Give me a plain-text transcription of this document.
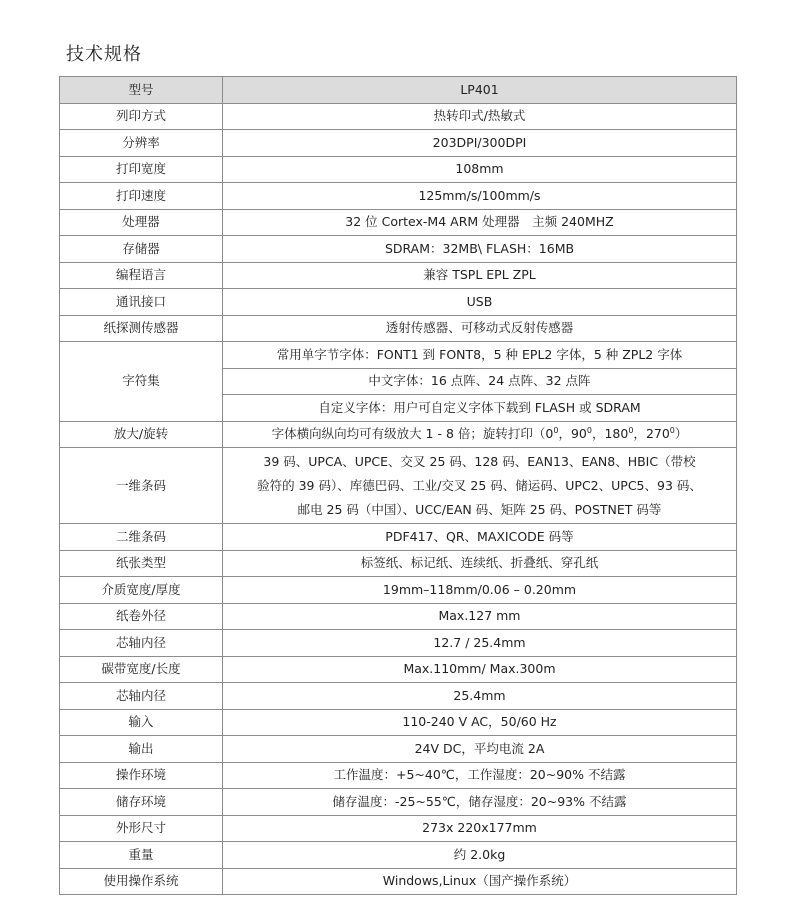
技术规格
型号	LP401
列印方式	热转印式/热敏式
分辨率	203DPI/300DPI
打印宽度	108mm
打印速度	125mm/s/100mm/s
处理器	32 位 Cortex-M4 ARM 处理器　主频 240MHZ
存储器	SDRAM：32MB\ FLASH：16MB
编程语言	兼容 TSPL EPL ZPL
通讯接口	USB
纸探测传感器	透射传感器、可移动式反射传感器
字符集	常用单字节字体：FONT1 到 FONT8，5 种 EPL2 字体，5 种 ZPL2 字体
	中文字体：16 点阵、24 点阵、32 点阵
	自定义字体：用户可自定义字体下载到 FLASH 或 SDRAM
放大/旋转	字体横向纵向均可有级放大 1 - 8 倍；旋转打印（$0^0$，$90^0$，$180^0$，$270^0$）
一维条码	39 码、UPCA、UPCE、交叉 25 码、128 码、EAN13、EAN8、HBIC（带校
验符的 39 码）、库德巴码、工业/交叉 25 码、储运码、UPC2、UPC5、93 码、
邮电 25 码（中国）、UCC/EAN 码、矩阵 25 码、POSTNET 码等
二维条码	PDF417、QR、MAXICODE 码等
纸张类型	标签纸、标记纸、连续纸、折叠纸、穿孔纸
介质宽度/厚度	19mm–118mm/0.06 – 0.20mm
纸卷外径	Max.127 mm
芯轴内径	12.7 / 25.4mm
碳带宽度/长度	Max.110mm/ Max.300m
芯轴内径	25.4mm
输入	110-240 V AC，50/60 Hz
输出	24V DC，平均电流 2A
操作环境	工作温度：+5~40℃，工作湿度：20~90% 不结露
储存环境	储存温度：-25~55℃，储存湿度：20~93% 不结露
外形尺寸	273x 220x177mm
重量	约 2.0kg
使用操作系统	Windows,Linux（国产操作系统）
